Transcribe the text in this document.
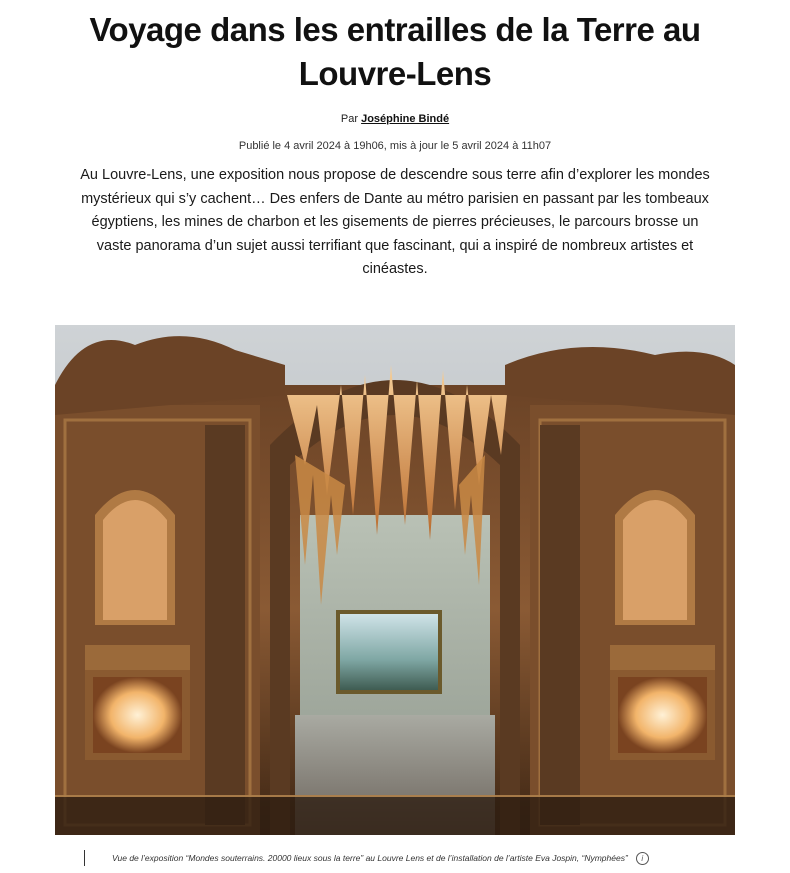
Voyage dans les entrailles de la Terre au Louvre-Lens
Par Joséphine Bindé
Publié le 4 avril 2024 à 19h06, mis à jour le 5 avril 2024 à 11h07

Au Louvre-Lens, une exposition nous propose de descendre sous terre afin d’explorer les mondes mystérieux qui s’y cachent… Des enfers de Dante au métro parisien en passant par les tombeaux égyptiens, les mines de charbon et les gisements de pierres précieuses, le parcours brosse un vaste panorama d’un sujet aussi terrifiant que fascinant, qui a inspiré de nombreux artistes et cinéastes.

Vue de l’exposition “Mondes souterrains. 20000 lieux sous la terre” au Louvre Lens et de l’installation de l’artiste Eva Jospin, “Nymphées” i
